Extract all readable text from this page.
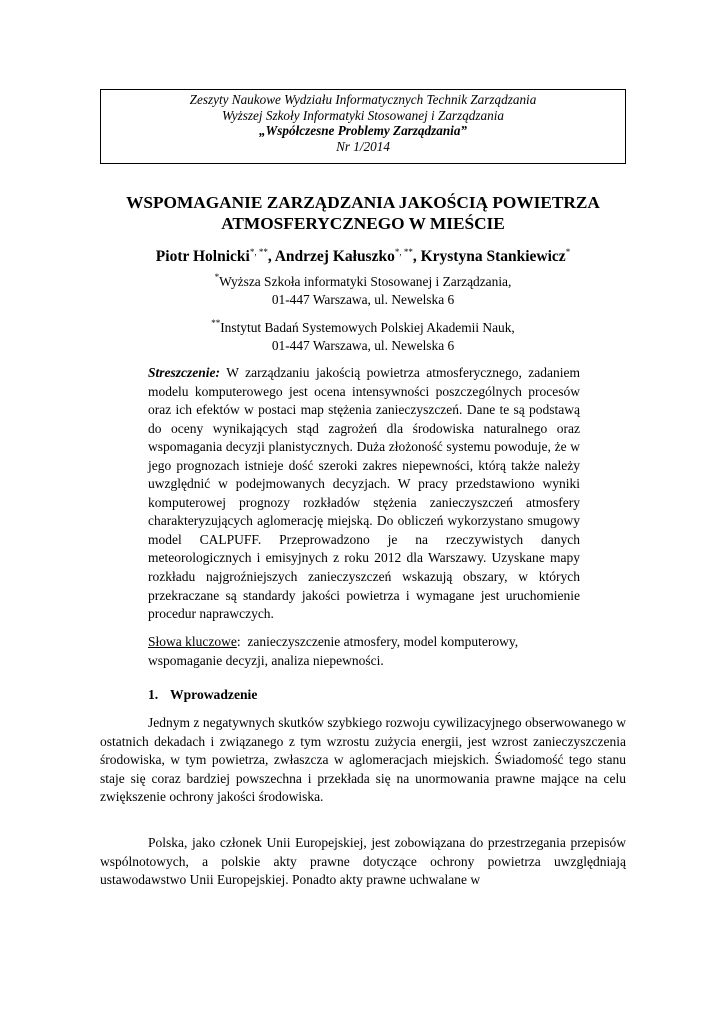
Zeszyty Naukowe Wydziału Informatycznych Technik Zarządzania
Wyższej Szkoły Informatyki Stosowanej i Zarządzania
„Współczesne Problemy Zarządzania”
Nr 1/2014
WSPOMAGANIE ZARZĄDZANIA JAKOŚCIĄ POWIETRZA
ATMOSFERYCZNEGO W MIEŚCIE
Piotr Holnicki*, **, Andrzej Kałuszko*, **, Krystyna Stankiewicz*
*Wyższa Szkoła informatyki Stosowanej i Zarządzania,
01-447 Warszawa, ul. Newelska 6
**Instytut Badań Systemowych Polskiej Akademii Nauk,
01-447 Warszawa, ul. Newelska 6
Streszczenie: W zarządzaniu jakością powietrza atmosferycznego, zadaniem modelu komputerowego jest ocena intensywności poszczególnych procesów oraz ich efektów w postaci map stężenia zanieczyszczeń. Dane te są podstawą do oceny wynikających stąd zagrożeń dla środowiska naturalnego oraz wspomagania decyzji planistycznych. Duża złożoność systemu powoduje, że w jego prognozach istnieje dość szeroki zakres niepewności, którą także należy uwzględnić w podejmowanych decyzjach. W pracy przedstawiono wyniki komputerowej prognozy rozkładów stężenia zanieczyszczeń atmosfery charakteryzujących aglomerację miejską. Do obliczeń wykorzystano smugowy model CALPUFF. Przeprowadzono je na rzeczywistych danych meteorologicznych i emisyjnych z roku 2012 dla Warszawy. Uzyskane mapy rozkładu najgroźniejszych zanieczyszczeń wskazują obszary, w których przekraczane są standardy jakości powietrza i wymagane jest uruchomienie procedur naprawczych.
Słowa kluczowe: zanieczyszczenie atmosfery, model komputerowy, wspomaganie decyzji, analiza niepewności.
1. Wprowadzenie
Jednym z negatywnych skutków szybkiego rozwoju cywilizacyjnego obserwowanego w ostatnich dekadach i związanego z tym wzrostu zużycia energii, jest wzrost zanieczyszczenia środowiska, w tym powietrza, zwłaszcza w aglomeracjach miejskich. Świadomość tego stanu staje się coraz bardziej powszechna i przekłada się na unormowania prawne mające na celu zwiększenie ochrony jakości środowiska.
Polska, jako członek Unii Europejskiej, jest zobowiązana do przestrzegania przepisów wspólnotowych, a polskie akty prawne dotyczące ochrony powietrza uwzględniają ustawodawstwo Unii Europejskiej. Ponadto akty prawne uchwalane w
